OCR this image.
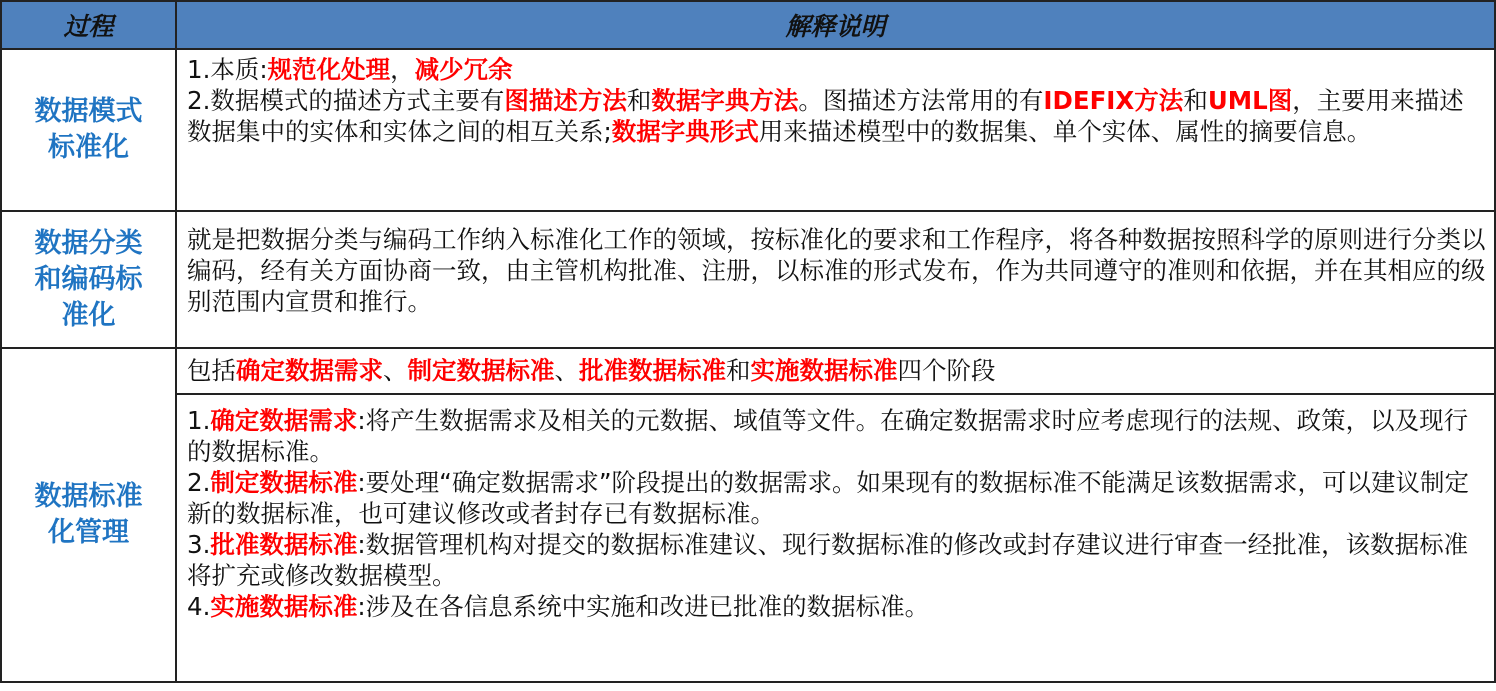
过程	解释说明
数据模式标准化	1.本质:规范化处理，减少冗余

2.数据模式的描述方式主要有图描述方法和数据字典方法。图描述方法常用的有IDEFIX方法和UML图，主要用来描述数据集中的实体和实体之间的相互关系;数据字典形式用来描述模型中的数据集、单个实体、属性的摘要信息。

数据分类和编码标准化	就是把数据分类与编码工作纳入标准化工作的领域，按标准化的要求和工作程序，将各种数据按照科学的原则进行分类以编码，经有关方面协商一致，由主管机构批准、注册，以标准的形式发布，作为共同遵守的准则和依据，并在其相应的级别范围内宣贯和推行。

数据标准化管理	包括确定数据需求、制定数据标准、批准数据标准和实施数据标准四个阶段

	1.确定数据需求:将产生数据需求及相关的元数据、域值等文件。在确定数据需求时应考虑现行的法规、政策，以及现行的数据标准。

2.制定数据标准:要处理“确定数据需求”阶段提出的数据需求。如果现有的数据标准不能满足该数据需求，可以建议制定新的数据标准，也可建议修改或者封存已有数据标准。

3.批准数据标准:数据管理机构对提交的数据标准建议、现行数据标准的修改或封存建议进行审查一经批准，该数据标准将扩充或修改数据模型。

4.实施数据标准:涉及在各信息系统中实施和改进已批准的数据标准。
